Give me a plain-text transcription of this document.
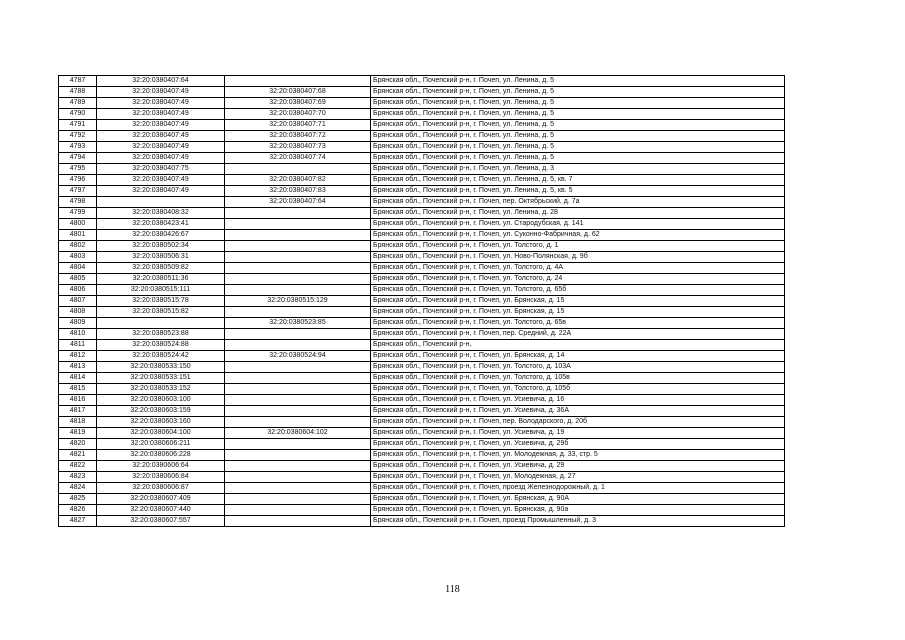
4787	32:20:0380407:64		Брянская обл., Почепский р-н, г. Почеп, ул. Ленина, д. 5
4788	32:20:0380407:49	32:20:0380407:68	Брянская обл., Почепский р-н, г. Почеп, ул. Ленина, д. 5
4789	32:20:0380407:49	32:20:0380407:69	Брянская обл., Почепский р-н, г. Почеп, ул. Ленина, д. 5
4790	32:20:0380407:49	32:20:0380407:70	Брянская обл., Почепский р-н, г. Почеп, ул. Ленина, д. 5
4791	32:20:0380407:49	32:20:0380407:71	Брянская обл., Почепский р-н, г. Почеп, ул. Ленина, д. 5
4792	32:20:0380407:49	32:20:0380407:72	Брянская обл., Почепский р-н, г. Почеп, ул. Ленина, д. 5
4793	32:20:0380407:49	32:20:0380407:73	Брянская обл., Почепский р-н, г. Почеп, ул. Ленина, д. 5
4794	32:20:0380407:49	32:20:0380407:74	Брянская обл., Почепский р-н, г. Почеп, ул. Ленина, д. 5
4795	32:20:0380407:75		Брянская обл., Почепский р-н, г. Почеп, ул. Ленина, д. 3
4796	32:20:0380407:49	32:20:0380407:82	Брянская обл., Почепский р-н, г. Почеп, ул. Ленина, д. 5, кв. 7
4797	32:20:0380407:49	32:20:0380407:83	Брянская обл., Почепский р-н, г. Почеп, ул. Ленина, д. 5, кв. 5
4798		32:20:0380407:64	Брянская обл., Почепский р-н, г. Почеп, пер. Октябрьский, д. 7а
4799	32:20:0380408:32		Брянская обл., Почепский р-н, г. Почеп, ул. Ленина, д. 28
4800	32:20:0380423:41		Брянская обл., Почепский р-н, г. Почеп, ул. Стародубская, д. 141
4801	32:20:0380426:67		Брянская обл., Почепский р-н, г. Почеп, ул. Суконно-Фабричная, д. 62
4802	32:20:0380502:34		Брянская обл., Почепский р-н, г. Почеп, ул. Толстого, д. 1
4803	32:20:0380506:31		Брянская обл., Почепский р-н, г. Почеп, ул. Ново-Полянская, д. 9б
4804	32:20:0380509:82		Брянская обл., Почепский р-н, г. Почеп, ул. Толстого, д. 4А
4805	32:20:0380511:36		Брянская обл., Почепский р-н, г. Почеп, ул. Толстого, д. 24
4806	32:20:0380515:111		Брянская обл., Почепский р-н, г. Почеп, ул. Толстого, д. 65б
4807	32:20:0380515:78	32:20:0380515:129	Брянская обл., Почепский р-н, г. Почеп, ул. Брянская, д. 15
4808	32:20:0380515:82		Брянская обл., Почепский р-н, г. Почеп, ул. Брянская, д. 15
4809		32:20:0380523:85	Брянская обл., Почепский р-н, г. Почеп, ул. Толстого, д. 65в
4810	32:20:0380523:88		Брянская обл., Почепский р-н, г. Почеп, пер. Средний, д. 22А
4811	32:20:0380524:88		Брянская обл., Почепский р-н,
4812	32:20:0380524:42	32:20:0380524:94	Брянская обл., Почепский р-н, г. Почеп, ул. Брянская, д. 14
4813	32:20:0380533:150		Брянская обл., Почепский р-н, г. Почеп, ул. Толстого, д. 103А
4814	32:20:0380533:151		Брянская обл., Почепский р-н, г. Почеп, ул. Толстого, д. 105в
4815	32:20:0380533:152		Брянская обл., Почепский р-н, г. Почеп, ул. Толстого, д. 105б
4816	32:20:0380603:100		Брянская обл., Почепский р-н, г. Почеп, ул. Усиевича, д. 16
4817	32:20:0380603:159		Брянская обл., Почепский р-н, г. Почеп, ул. Усиевича, д. 36А
4818	32:20:0380603:160		Брянская обл., Почепский р-н, г. Почеп, пер. Володарского, д. 20б
4819	32:20:0380604:100	32:20:0380604:102	Брянская обл., Почепский р-н, г. Почеп, ул. Усиевича, д. 19
4820	32:20:0380606:211		Брянская обл., Почепский р-н, г. Почеп, ул. Усиевича, д. 29б
4821	32:20:0380606:228		Брянская обл., Почепский р-н, г. Почеп, ул. Молодежная, д. 33, стр. 5
4822	32:20:0380606:64		Брянская обл., Почепский р-н, г. Почеп, ул. Усиевича, д. 29
4823	32:20:0380606:84		Брянская обл., Почепский р-н, г. Почеп, ул. Молодежная, д. 27
4824	32:20:0380606:87		Брянская обл., Почепский р-н, г. Почеп, проезд Железнодорожный, д. 1
4825	32:20:0380607:409		Брянская обл., Почепский р-н, г. Почеп, ул. Брянская, д. 90А
4826	32:20:0380607:440		Брянская обл., Почепский р-н, г. Почеп, ул. Брянская, д. 90а
4827	32:20:0380607:557		Брянская обл., Почепский р-н, г. Почеп, проезд Промышленный, д. 3
118
